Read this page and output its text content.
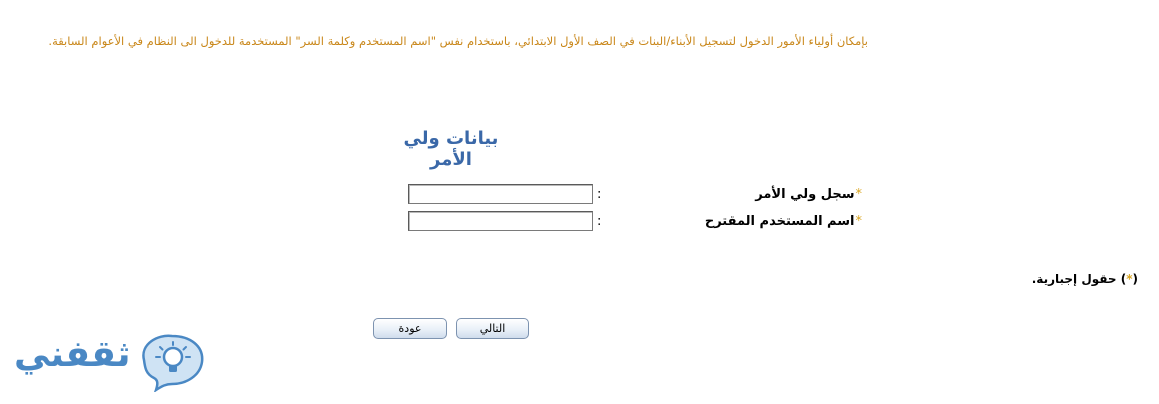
بإمكان أولياء الأمور الدخول لتسجيل الأبناء/البنات في الصف الأول الابتدائي، باستخدام نفس "اسم المستخدم وكلمة السر" المستخدمة للدخول الى النظام في الأعوام السابقة.
بيانات ولي الأمر
*سجل ولي الأمر
:
*اسم المستخدم المقترح
:
(*) حقول إجبارية.
التالي
عودة
ثقفني
